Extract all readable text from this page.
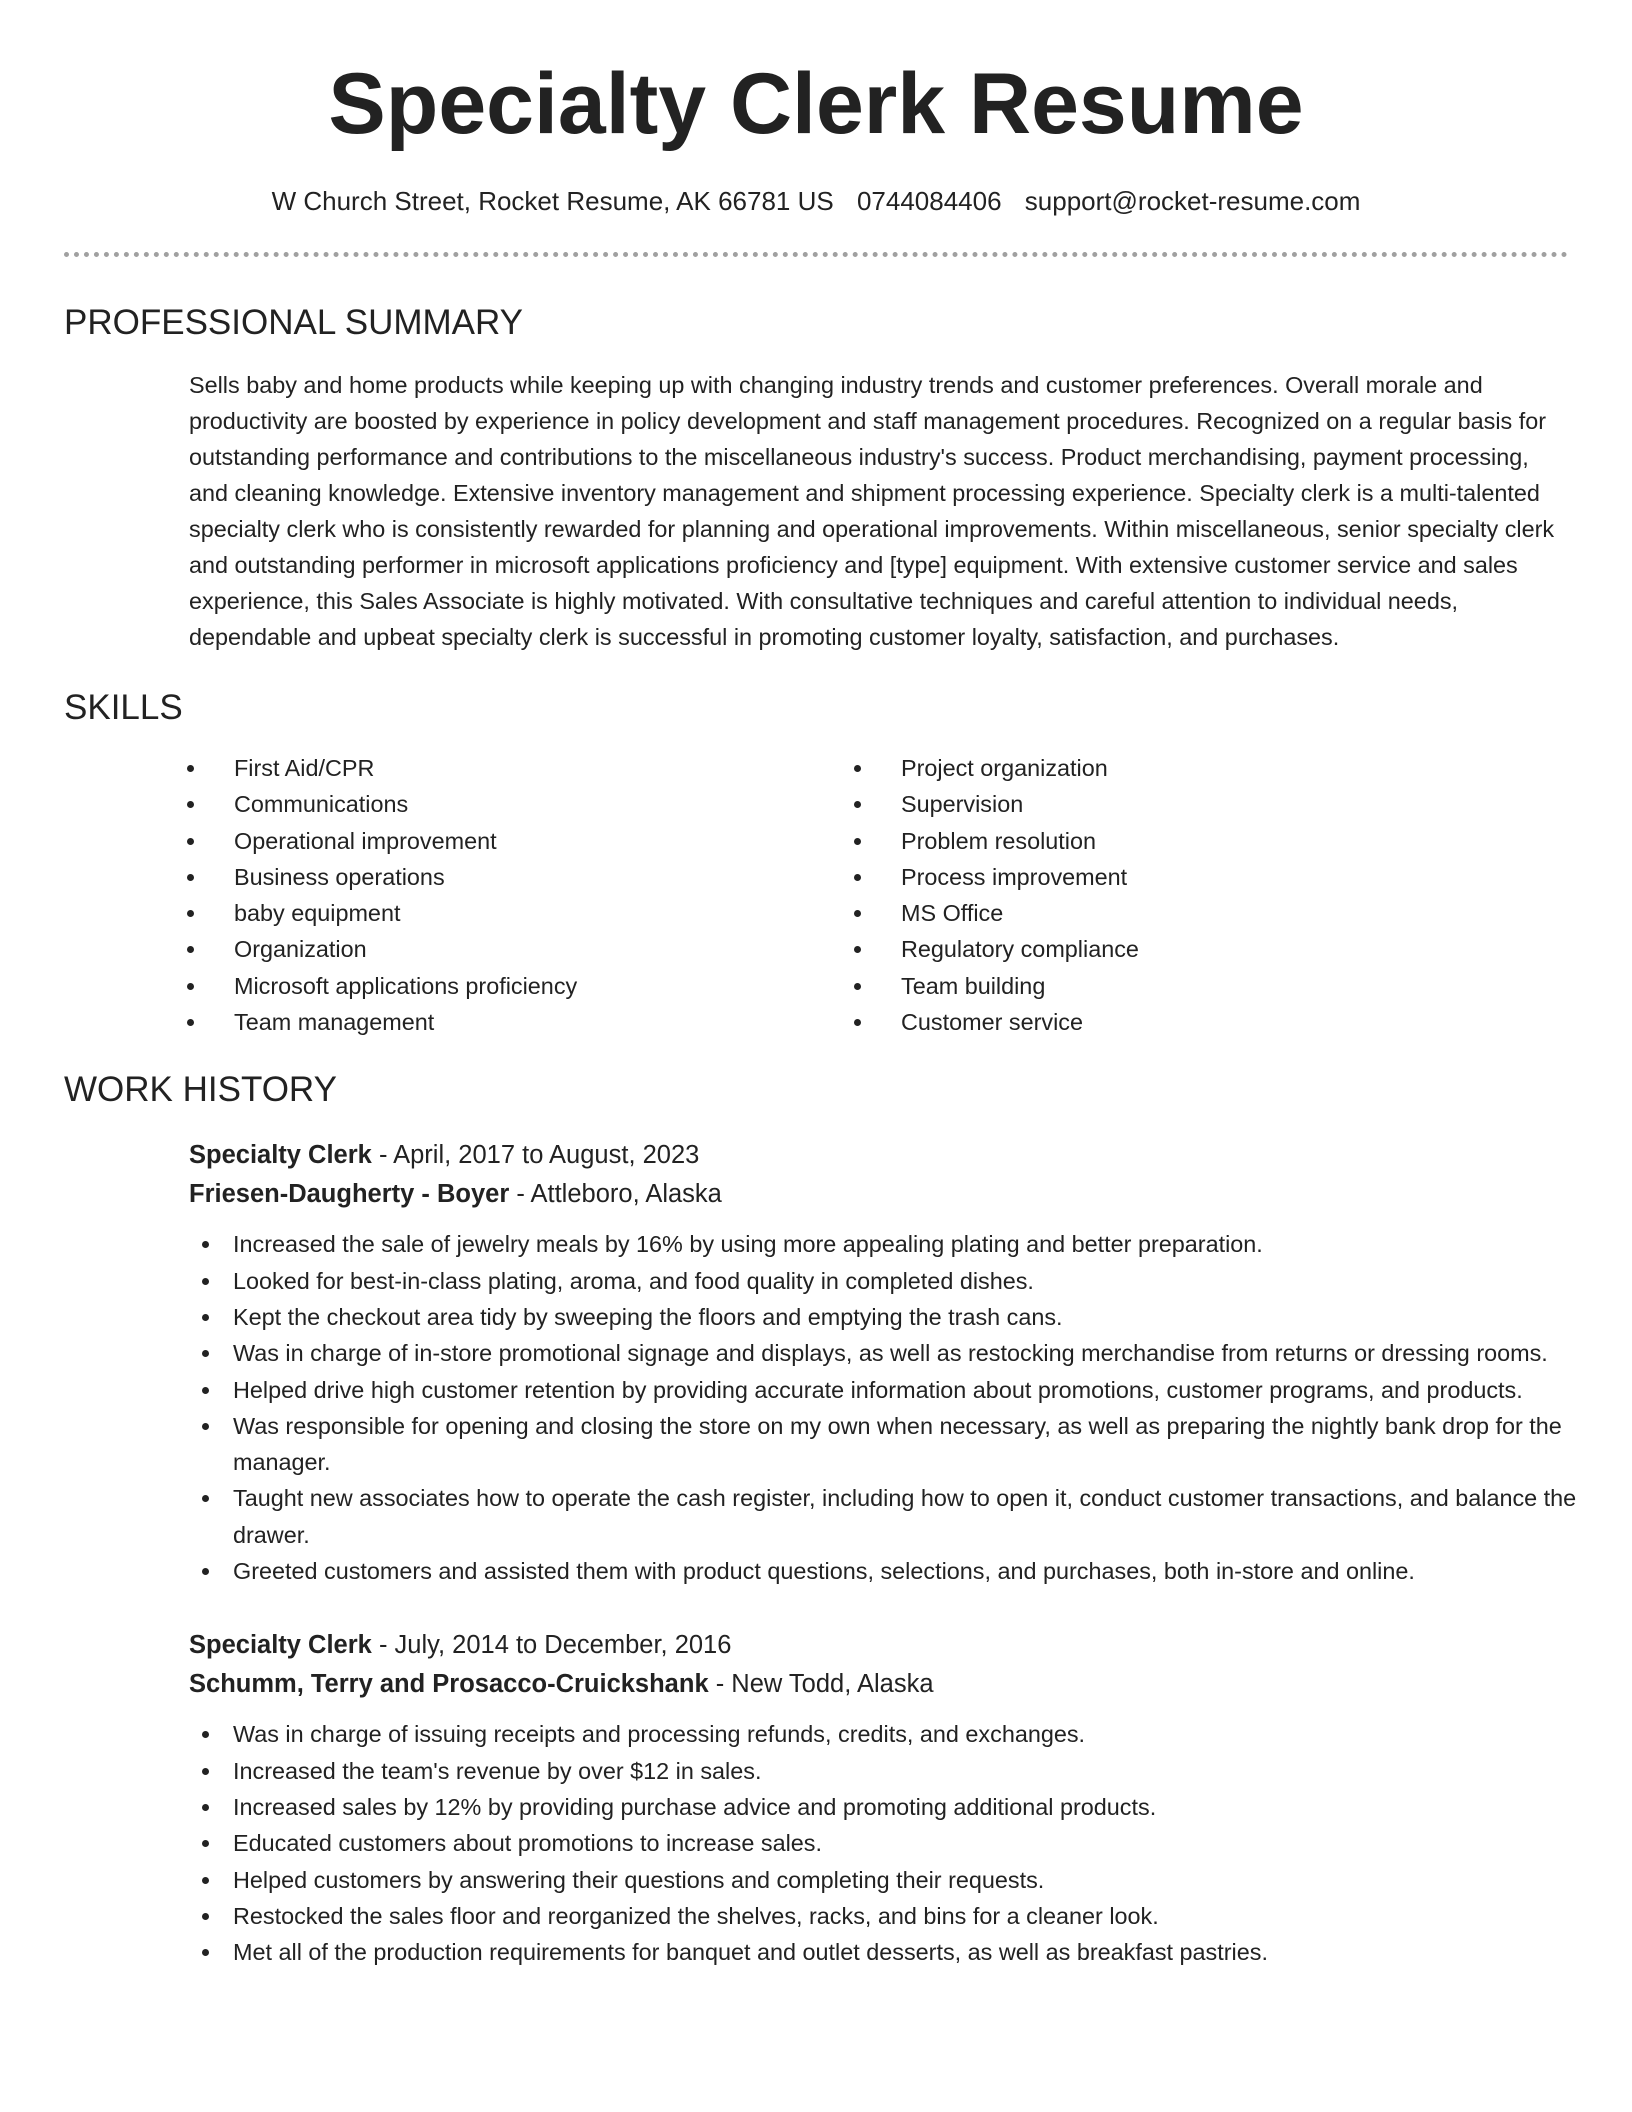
Specialty Clerk Resume
W Church Street, Rocket Resume, AK 66781 US 0744084406 support@rocket-resume.com
PROFESSIONAL SUMMARY

Sells baby and home products while keeping up with changing industry trends and customer preferences. Overall morale and productivity are boosted by experience in policy development and staff management procedures. Recognized on a regular basis for outstanding performance and contributions to the miscellaneous industry's success. Product merchandising, payment processing, and cleaning knowledge. Extensive inventory management and shipment processing experience. Specialty clerk is a multi-talented specialty clerk who is consistently rewarded for planning and operational improvements. Within miscellaneous, senior specialty clerk and outstanding performer in microsoft applications proficiency and [type] equipment. With extensive customer service and sales experience, this Sales Associate is highly motivated. With consultative techniques and careful attention to individual needs, dependable and upbeat specialty clerk is successful in promoting customer loyalty, satisfaction, and purchases.

SKILLS
First Aid/CPR
Communications
Operational improvement
Business operations
baby equipment
Organization
Microsoft applications proficiency
Team management
Project organization
Supervision
Problem resolution
Process improvement
MS Office
Regulatory compliance
Team building
Customer service
WORK HISTORY
Specialty Clerk - April, 2017 to August, 2023
Friesen-Daugherty - Boyer - Attleboro, Alaska
Increased the sale of jewelry meals by 16% by using more appealing plating and better preparation.
Looked for best-in-class plating, aroma, and food quality in completed dishes.
Kept the checkout area tidy by sweeping the floors and emptying the trash cans.
Was in charge of in-store promotional signage and displays, as well as restocking merchandise from returns or dressing rooms.
Helped drive high customer retention by providing accurate information about promotions, customer programs, and products.
Was responsible for opening and closing the store on my own when necessary, as well as preparing the nightly bank drop for the manager.
Taught new associates how to operate the cash register, including how to open it, conduct customer transactions, and balance the drawer.
Greeted customers and assisted them with product questions, selections, and purchases, both in-store and online.
Specialty Clerk - July, 2014 to December, 2016
Schumm, Terry and Prosacco-Cruickshank - New Todd, Alaska
Was in charge of issuing receipts and processing refunds, credits, and exchanges.
Increased the team's revenue by over $12 in sales.
Increased sales by 12% by providing purchase advice and promoting additional products.
Educated customers about promotions to increase sales.
Helped customers by answering their questions and completing their requests.
Restocked the sales floor and reorganized the shelves, racks, and bins for a cleaner look.
Met all of the production requirements for banquet and outlet desserts, as well as breakfast pastries.
